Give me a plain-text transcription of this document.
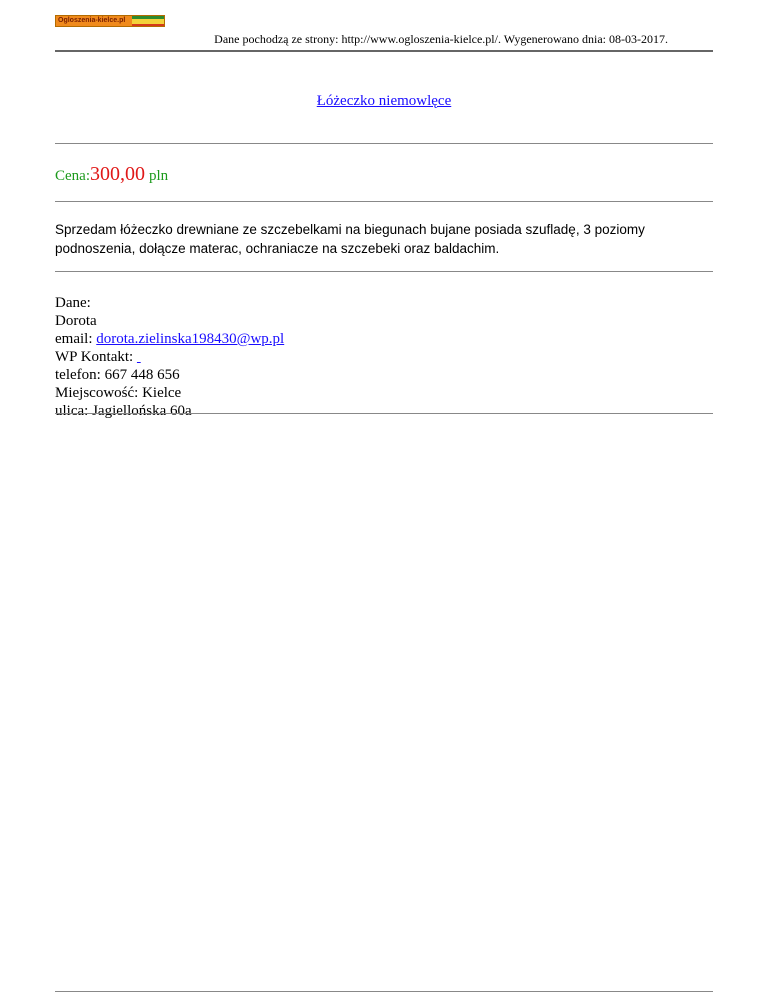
Ogloszenia-kielce.pl
Dane pochodzą ze strony: http://www.ogloszenia-kielce.pl/. Wygenerowano dnia: 08-03-2017.
Łóżeczko niemowlęce
Cena:300,00 pln
Sprzedam łóżeczko drewniane ze szczebelkami na biegunach bujane posiada szufladę, 3 poziomy podnoszenia, dołącze materac, ochraniacze na szczebeki oraz baldachim.
Dane:
Dorota
email: dorota.zielinska198430@wp.pl
WP Kontakt:
telefon: 667 448 656
Miejscowość: Kielce
ulica: Jagiellońska 60a
